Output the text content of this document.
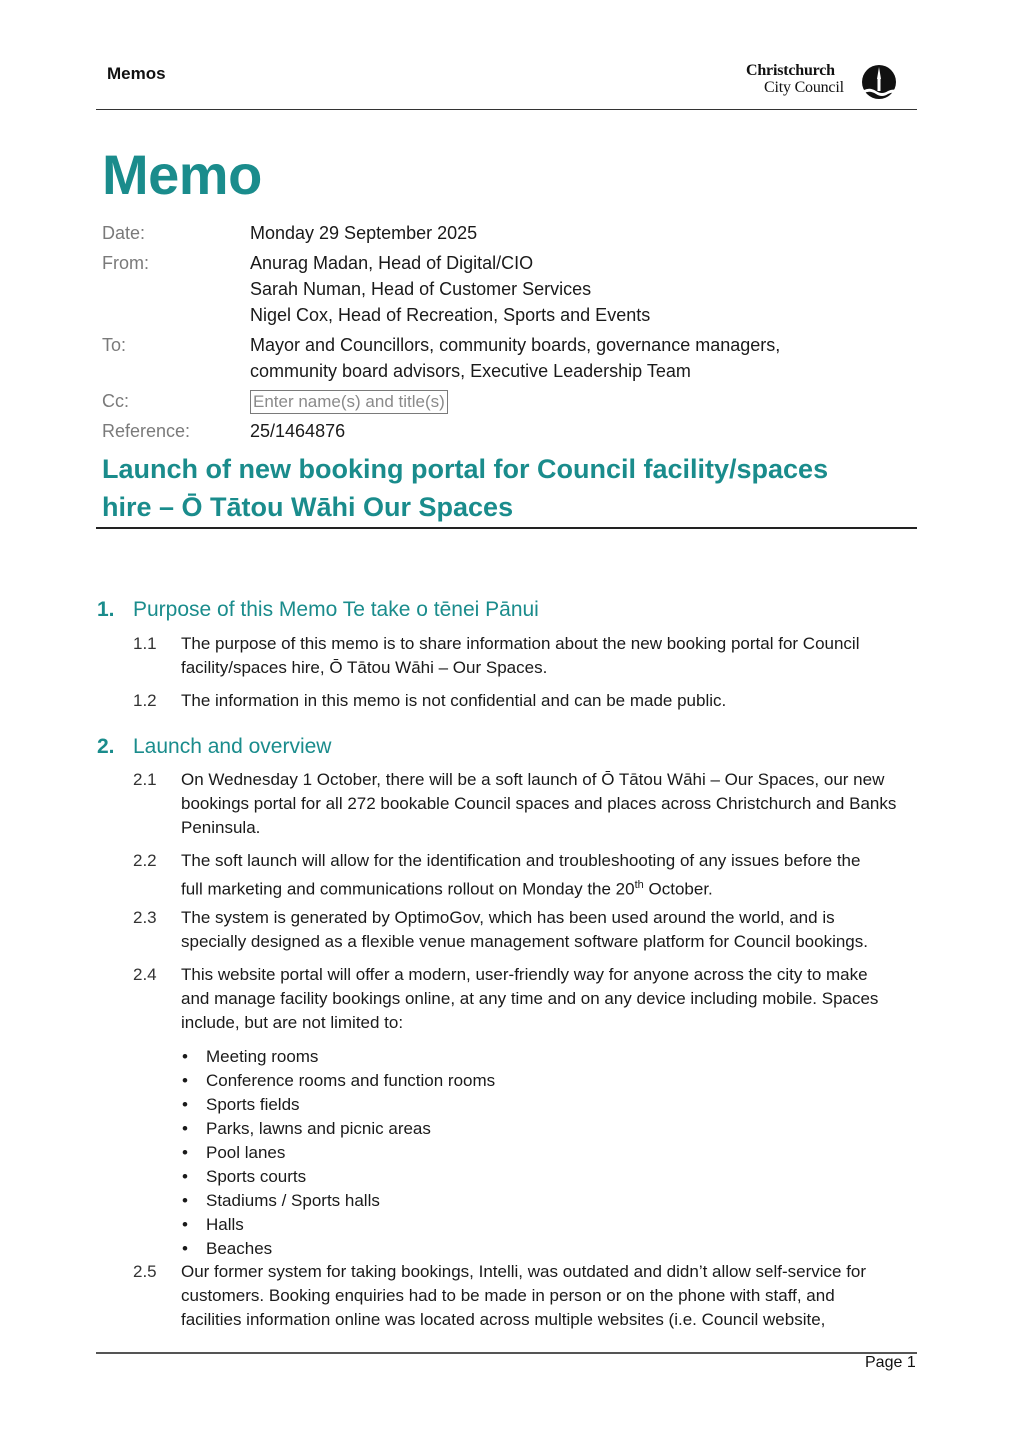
Memos	Christchurch
City Council
Memo
Date:	Monday 29 September 2025
From:	Anurag Madan, Head of Digital/CIO
Sarah Numan, Head of Customer Services
Nigel Cox, Head of Recreation, Sports and Events
To:	Mayor and Councillors, community boards, governance managers,
community board advisors, Executive Leadership Team
Cc:	Enter name(s) and title(s)
Reference:	25/1464876
Launch of new booking portal for Council facility/spaces
hire – Ō Tātou Wāhi Our Spaces
1. Purpose of this Memo Te take o tēnei Pānui
1.1 The purpose of this memo is to share information about the new booking portal for Council
facility/spaces hire, Ō Tātou Wāhi – Our Spaces.
1.2 The information in this memo is not confidential and can be made public.
2. Launch and overview
2.1 On Wednesday 1 October, there will be a soft launch of Ō Tātou Wāhi – Our Spaces, our new
bookings portal for all 272 bookable Council spaces and places across Christchurch and Banks
Peninsula.
2.2 The soft launch will allow for the identification and troubleshooting of any issues before the
full marketing and communications rollout on Monday the 20th October.
2.3 The system is generated by OptimoGov, which has been used around the world, and is
specially designed as a flexible venue management software platform for Council bookings.
2.4 This website portal will offer a modern, user-friendly way for anyone across the city to make
and manage facility bookings online, at any time and on any device including mobile. Spaces
include, but are not limited to:
• Meeting rooms
• Conference rooms and function rooms
• Sports fields
• Parks, lawns and picnic areas
• Pool lanes
• Sports courts
• Stadiums / Sports halls
• Halls
• Beaches
2.5 Our former system for taking bookings, Intelli, was outdated and didn’t allow self-service for
customers. Booking enquiries had to be made in person or on the phone with staff, and
facilities information online was located across multiple websites (i.e. Council website,
Page 1
